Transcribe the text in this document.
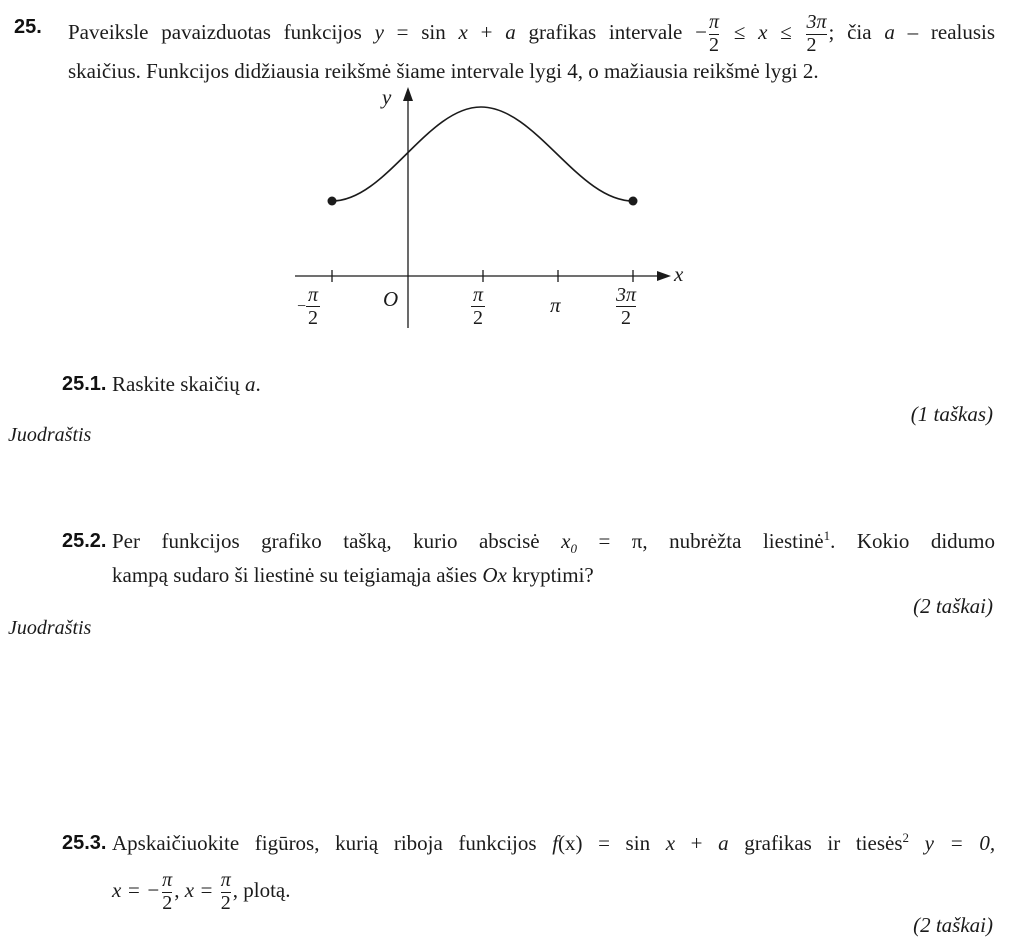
25. Paveiksle pavaizduotas funkcijos y = sin x + a grafikas intervale − $\frac{\pi}{2} \le x \le \frac{3\pi}{2}$ ; čia a – realusis
skaičius. Funkcijos didžiausia reikšmė šiame intervale lygi 4, o mažiausia reikšmė lygi 2.
y
x
O
− $\frac{\pi}{2}$	$\frac{\pi}{2}$	π	$\frac{3\pi}{2}$
25.1. Raskite skaičių a.
(1 taškas)
Juodraštis
25.2. Per funkcijos grafiko tašką, kurio abscisė $x_0 = \pi$, nubrėžta liestinė$^1$. Kokio didumo
kampą sudaro ši liestinė su teigiamąja ašies Ox kryptimi?
(2 taškai)
Juodraštis
25.3. Apskaičiuokite figūros, kurią riboja funkcijos f(x) = sin x + a grafikas ir tiesės$^2$ y = 0,
x = − $\frac{\pi}{2}$ , $x = \frac{\pi}{2}$ , plotą.
(2 taškai)
